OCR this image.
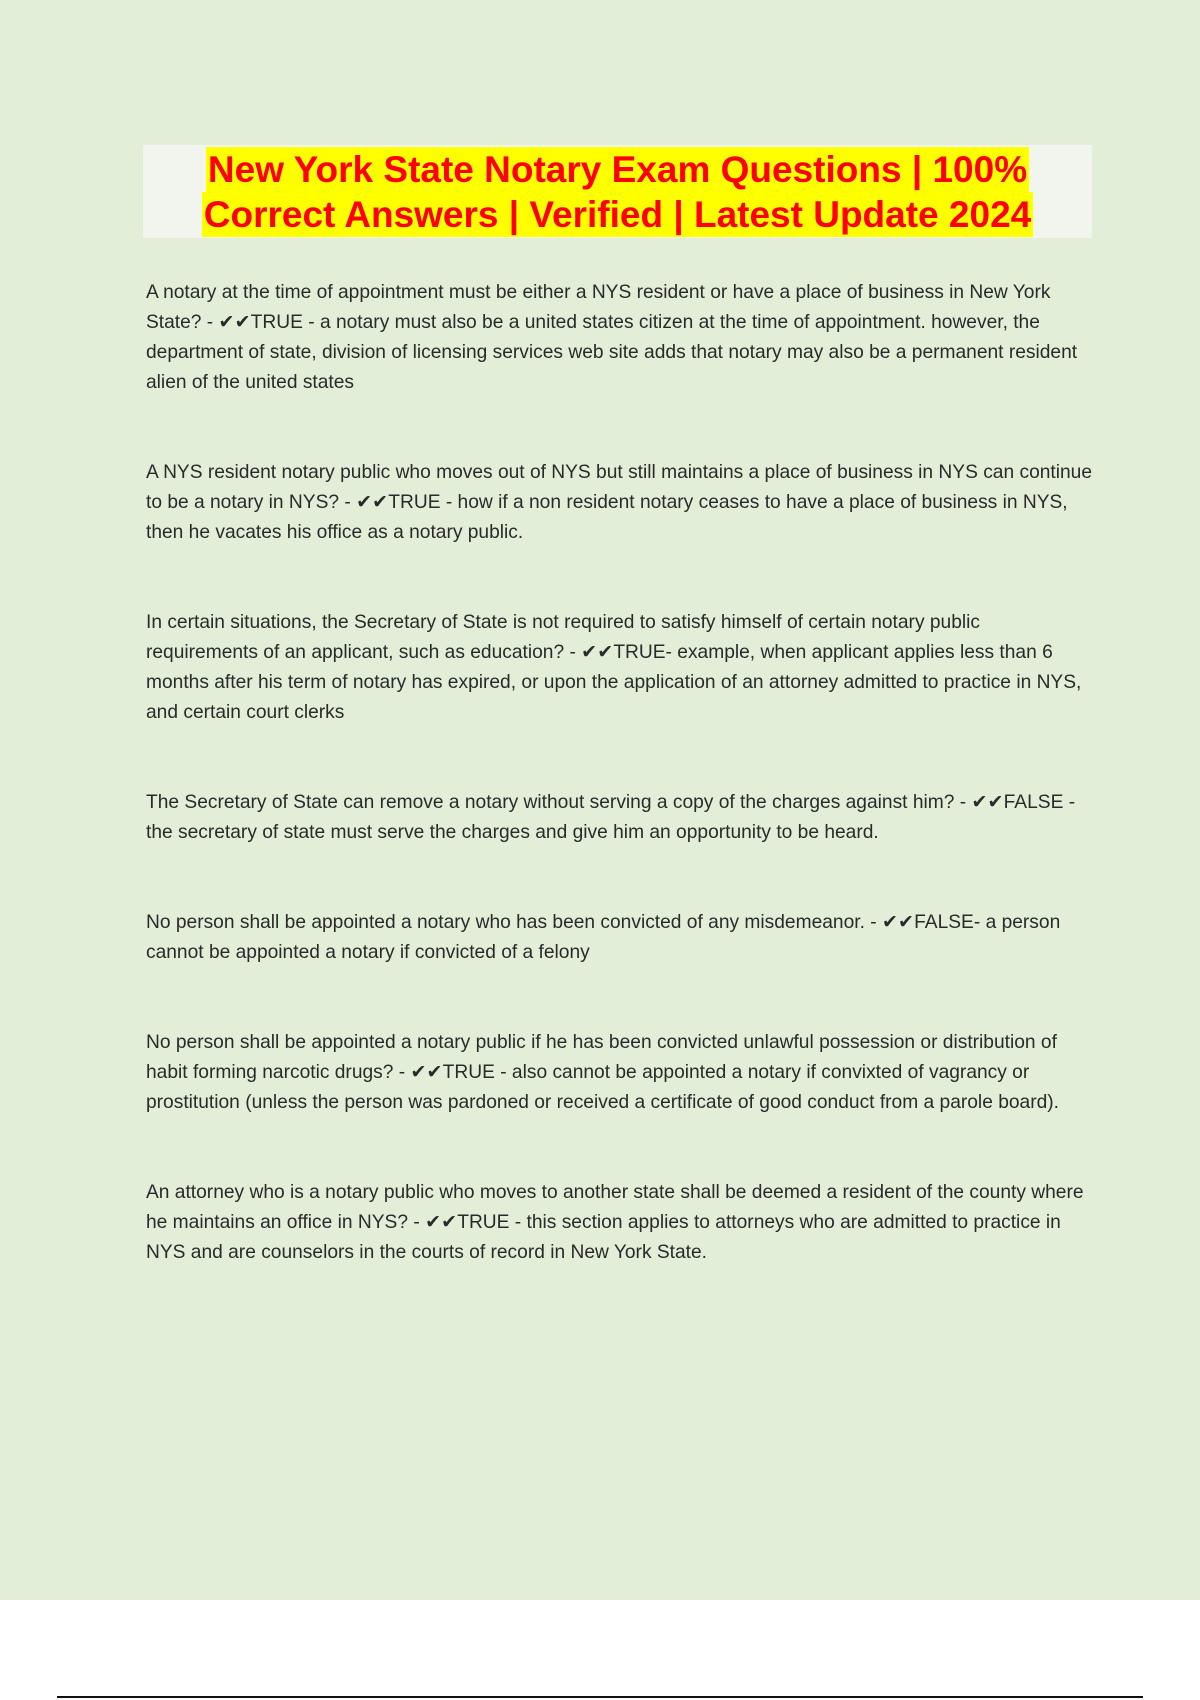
New York State Notary Exam Questions | 100%
Correct Answers | Verified | Latest Update 2024

A notary at the time of appointment must be either a NYS resident or have a place of business in New York State? - ✔✔TRUE - a notary must also be a united states citizen at the time of appointment. however, the department of state, division of licensing services web site adds that notary may also be a permanent resident alien of the united states

A NYS resident notary public who moves out of NYS but still maintains a place of business in NYS can continue to be a notary in NYS? - ✔✔TRUE - how if a non resident notary ceases to have a place of business in NYS, then he vacates his office as a notary public.

In certain situations, the Secretary of State is not required to satisfy himself of certain notary public requirements of an applicant, such as education? - ✔✔TRUE- example, when applicant applies less than 6 months after his term of notary has expired, or upon the application of an attorney admitted to practice in NYS, and certain court clerks

The Secretary of State can remove a notary without serving a copy of the charges against him? - ✔✔FALSE - the secretary of state must serve the charges and give him an opportunity to be heard.

No person shall be appointed a notary who has been convicted of any misdemeanor. - ✔✔FALSE- a person cannot be appointed a notary if convicted of a felony

No person shall be appointed a notary public if he has been convicted unlawful possession or distribution of habit forming narcotic drugs? - ✔✔TRUE - also cannot be appointed a notary if convixted of vagrancy or prostitution (unless the person was pardoned or received a certificate of good conduct from a parole board).

An attorney who is a notary public who moves to another state shall be deemed a resident of the county where he maintains an office in NYS? - ✔✔TRUE - this section applies to attorneys who are admitted to practice in NYS and are counselors in the courts of record in New York State.
